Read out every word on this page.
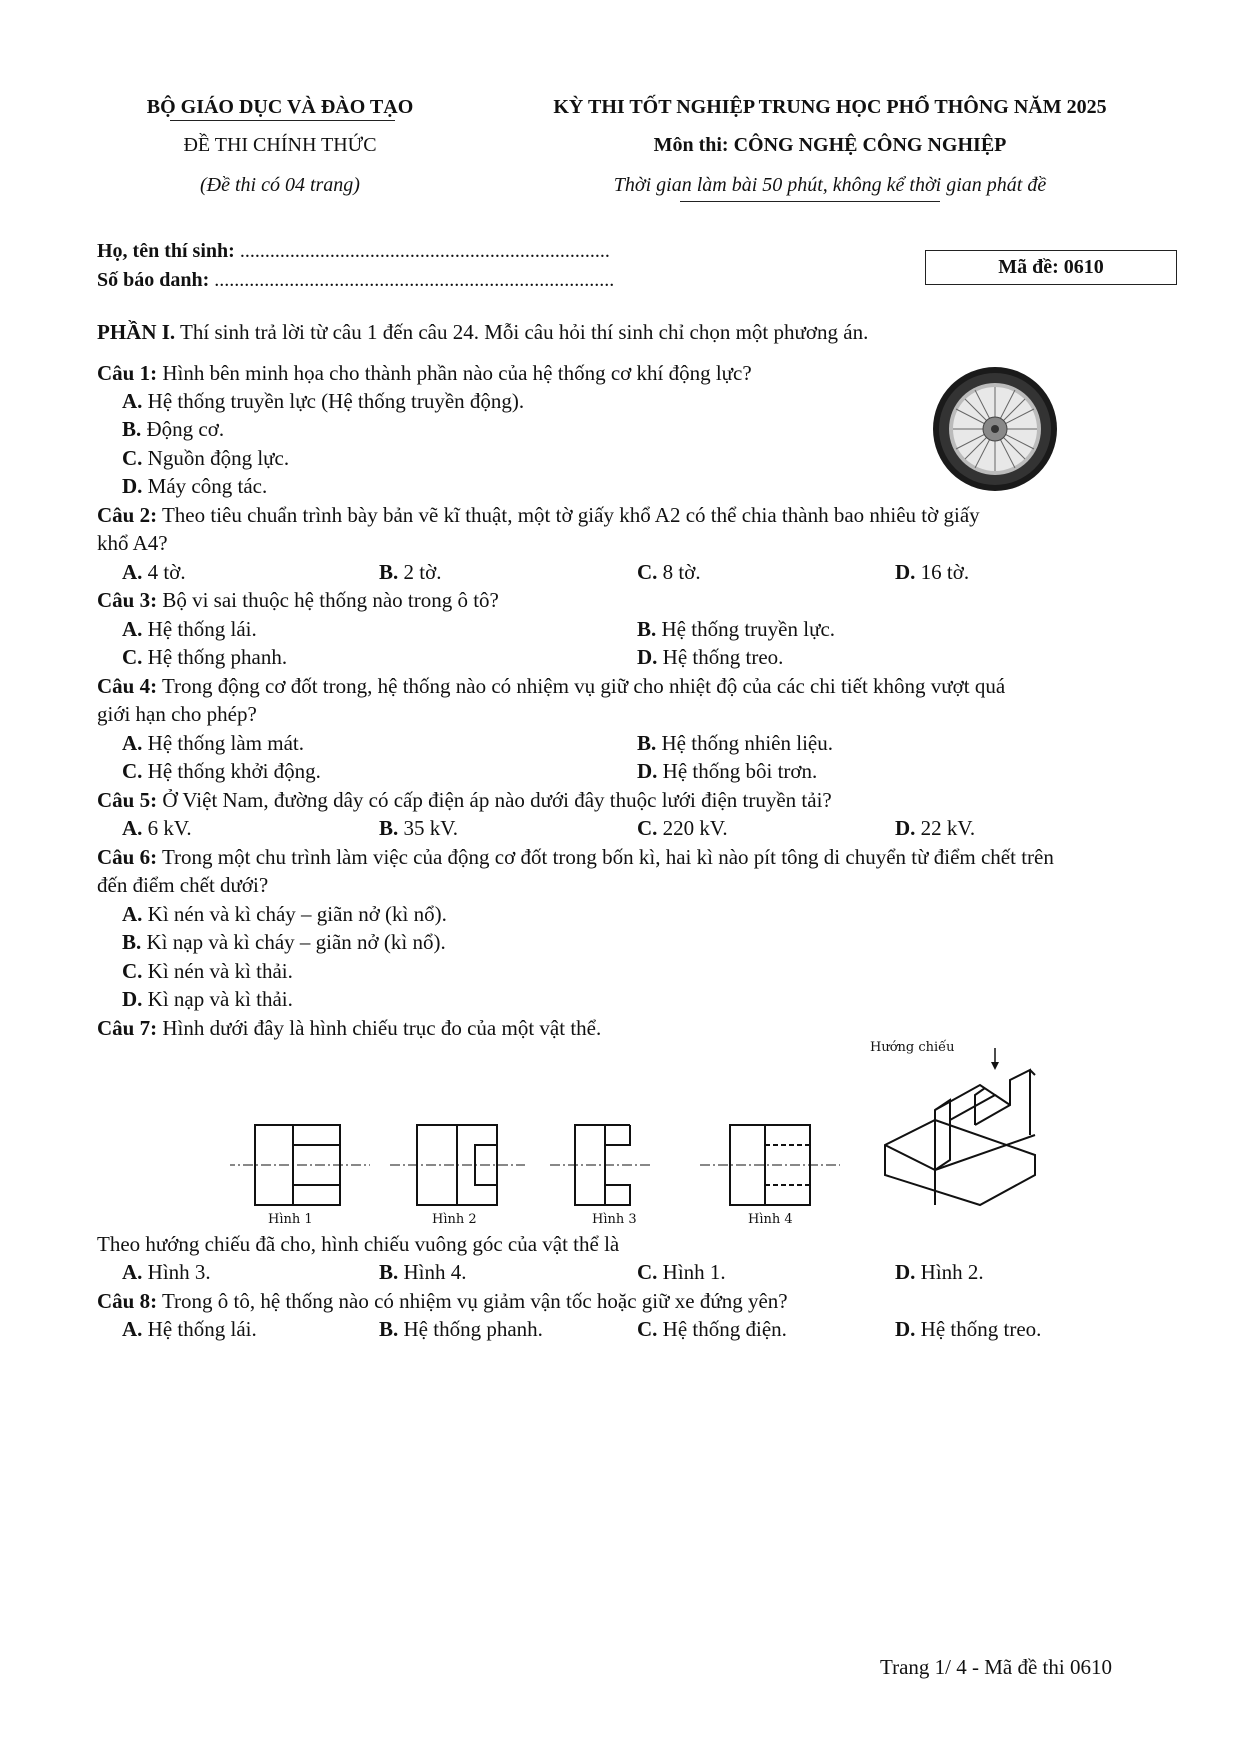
BỘ GIÁO DỤC VÀ ĐÀO TẠO
ĐỀ THI CHÍNH THỨC
(Đề thi có 04 trang)
KỲ THI TỐT NGHIỆP TRUNG HỌC PHỔ THÔNG NĂM 2025
Môn thi: CÔNG NGHỆ CÔNG NGHIỆP
Thời gian làm bài 50 phút, không kể thời gian phát đề
Họ, tên thí sinh: ..........................................................................
Số báo danh: ................................................................................
Mã đề: 0610
PHẦN I. Thí sinh trả lời từ câu 1 đến câu 24. Mỗi câu hỏi thí sinh chỉ chọn một phương án.
Câu 1: Hình bên minh họa cho thành phần nào của hệ thống cơ khí động lực?
A. Hệ thống truyền lực (Hệ thống truyền động).
B. Động cơ.
C. Nguồn động lực.
D. Máy công tác.
Câu 2: Theo tiêu chuẩn trình bày bản vẽ kĩ thuật, một tờ giấy khổ A2 có thể chia thành bao nhiêu tờ giấy
khổ A4?
A. 4 tờ.	B. 2 tờ.	C. 8 tờ.	D. 16 tờ.
Câu 3: Bộ vi sai thuộc hệ thống nào trong ô tô?
A. Hệ thống lái.	B. Hệ thống truyền lực.
C. Hệ thống phanh.	D. Hệ thống treo.
Câu 4: Trong động cơ đốt trong, hệ thống nào có nhiệm vụ giữ cho nhiệt độ của các chi tiết không vượt quá
giới hạn cho phép?
A. Hệ thống làm mát.	B. Hệ thống nhiên liệu.
C. Hệ thống khởi động.	D. Hệ thống bôi trơn.
Câu 5: Ở Việt Nam, đường dây có cấp điện áp nào dưới đây thuộc lưới điện truyền tải?
A. 6 kV.	B. 35 kV.	C. 220 kV.	D. 22 kV.
Câu 6: Trong một chu trình làm việc của động cơ đốt trong bốn kì, hai kì nào pít tông di chuyển từ điểm chết trên
đến điểm chết dưới?
A. Kì nén và kì cháy – giãn nở (kì nổ).
B. Kì nạp và kì cháy – giãn nở (kì nổ).
C. Kì nén và kì thải.
D. Kì nạp và kì thải.
Câu 7: Hình dưới đây là hình chiếu trục đo của một vật thể.
Hướng chiếu
Hình 1	Hình 2	Hình 3	Hình 4
Theo hướng chiếu đã cho, hình chiếu vuông góc của vật thể là
A. Hình 3.	B. Hình 4.	C. Hình 1.	D. Hình 2.
Câu 8: Trong ô tô, hệ thống nào có nhiệm vụ giảm vận tốc hoặc giữ xe đứng yên?
A. Hệ thống lái.	B. Hệ thống phanh.	C. Hệ thống điện.	D. Hệ thống treo.
Trang 1/ 4 - Mã đề thi 0610
